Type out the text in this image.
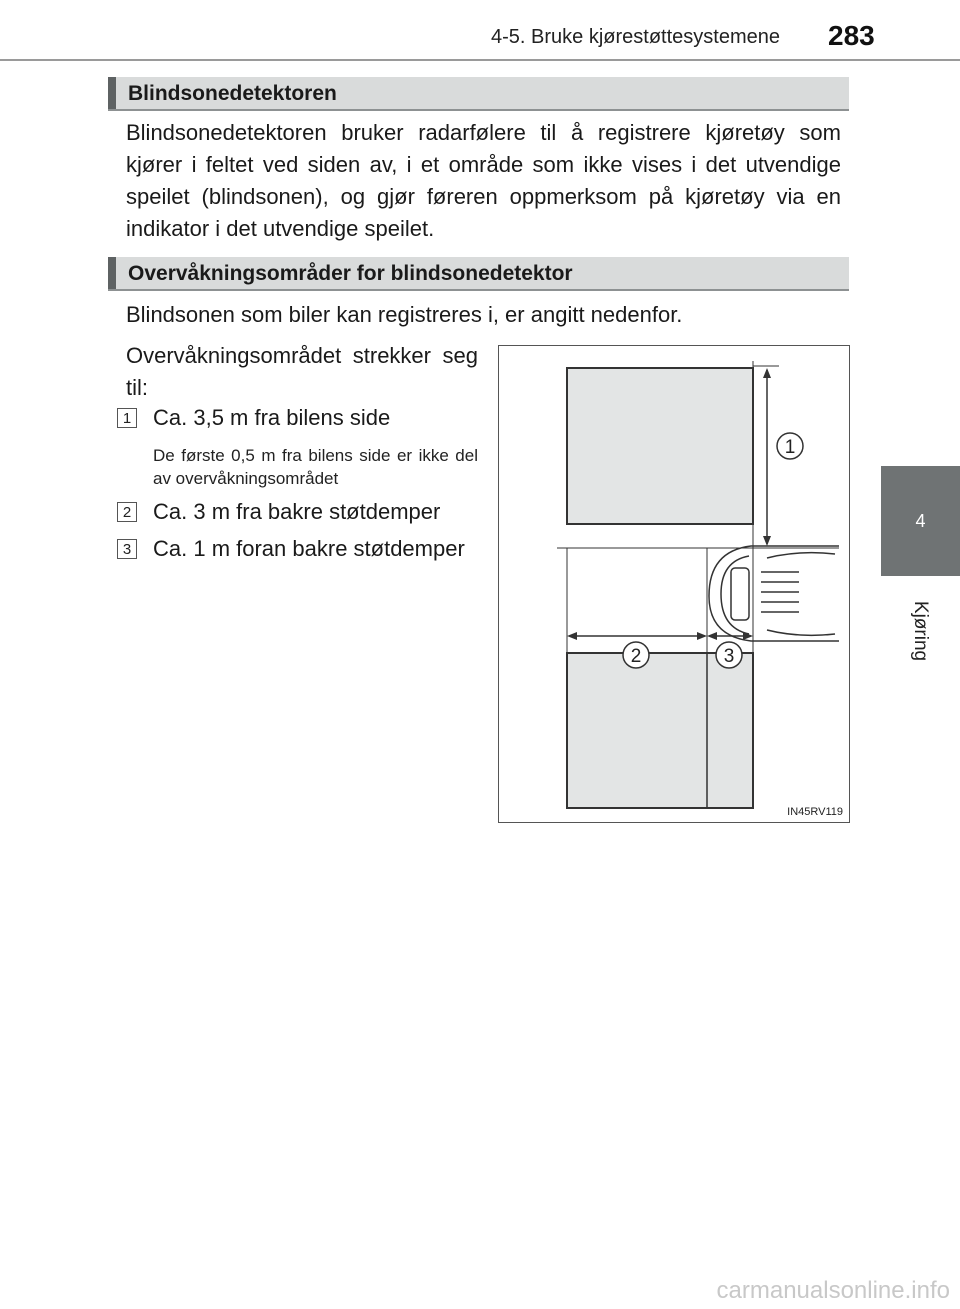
4-5. Bruke kjørestøttesystemene 283
4
Kjøring
Blindsonedetektoren
Blindsonedetektoren bruker radarfølere til å registrere kjøretøy som kjører i feltet ved siden av, i et område som ikke vises i det utvendige speilet (blindsonen), og gjør føreren oppmerksom på kjøretøy via en indikator i det utvendige speilet.
Overvåkningsområder for blindsonedetektor
Blindsonen som biler kan registreres i, er angitt nedenfor.
Overvåkningsområdet strekker seg til:
1 Ca. 3,5 m fra bilens side
De første 0,5 m fra bilens side er ikke del av overvåkningsområdet
2 Ca. 3 m fra bakre støtdemper
3 Ca. 1 m foran bakre støtdemper
1
2	3
IN45RV119
carmanualsonline.info
